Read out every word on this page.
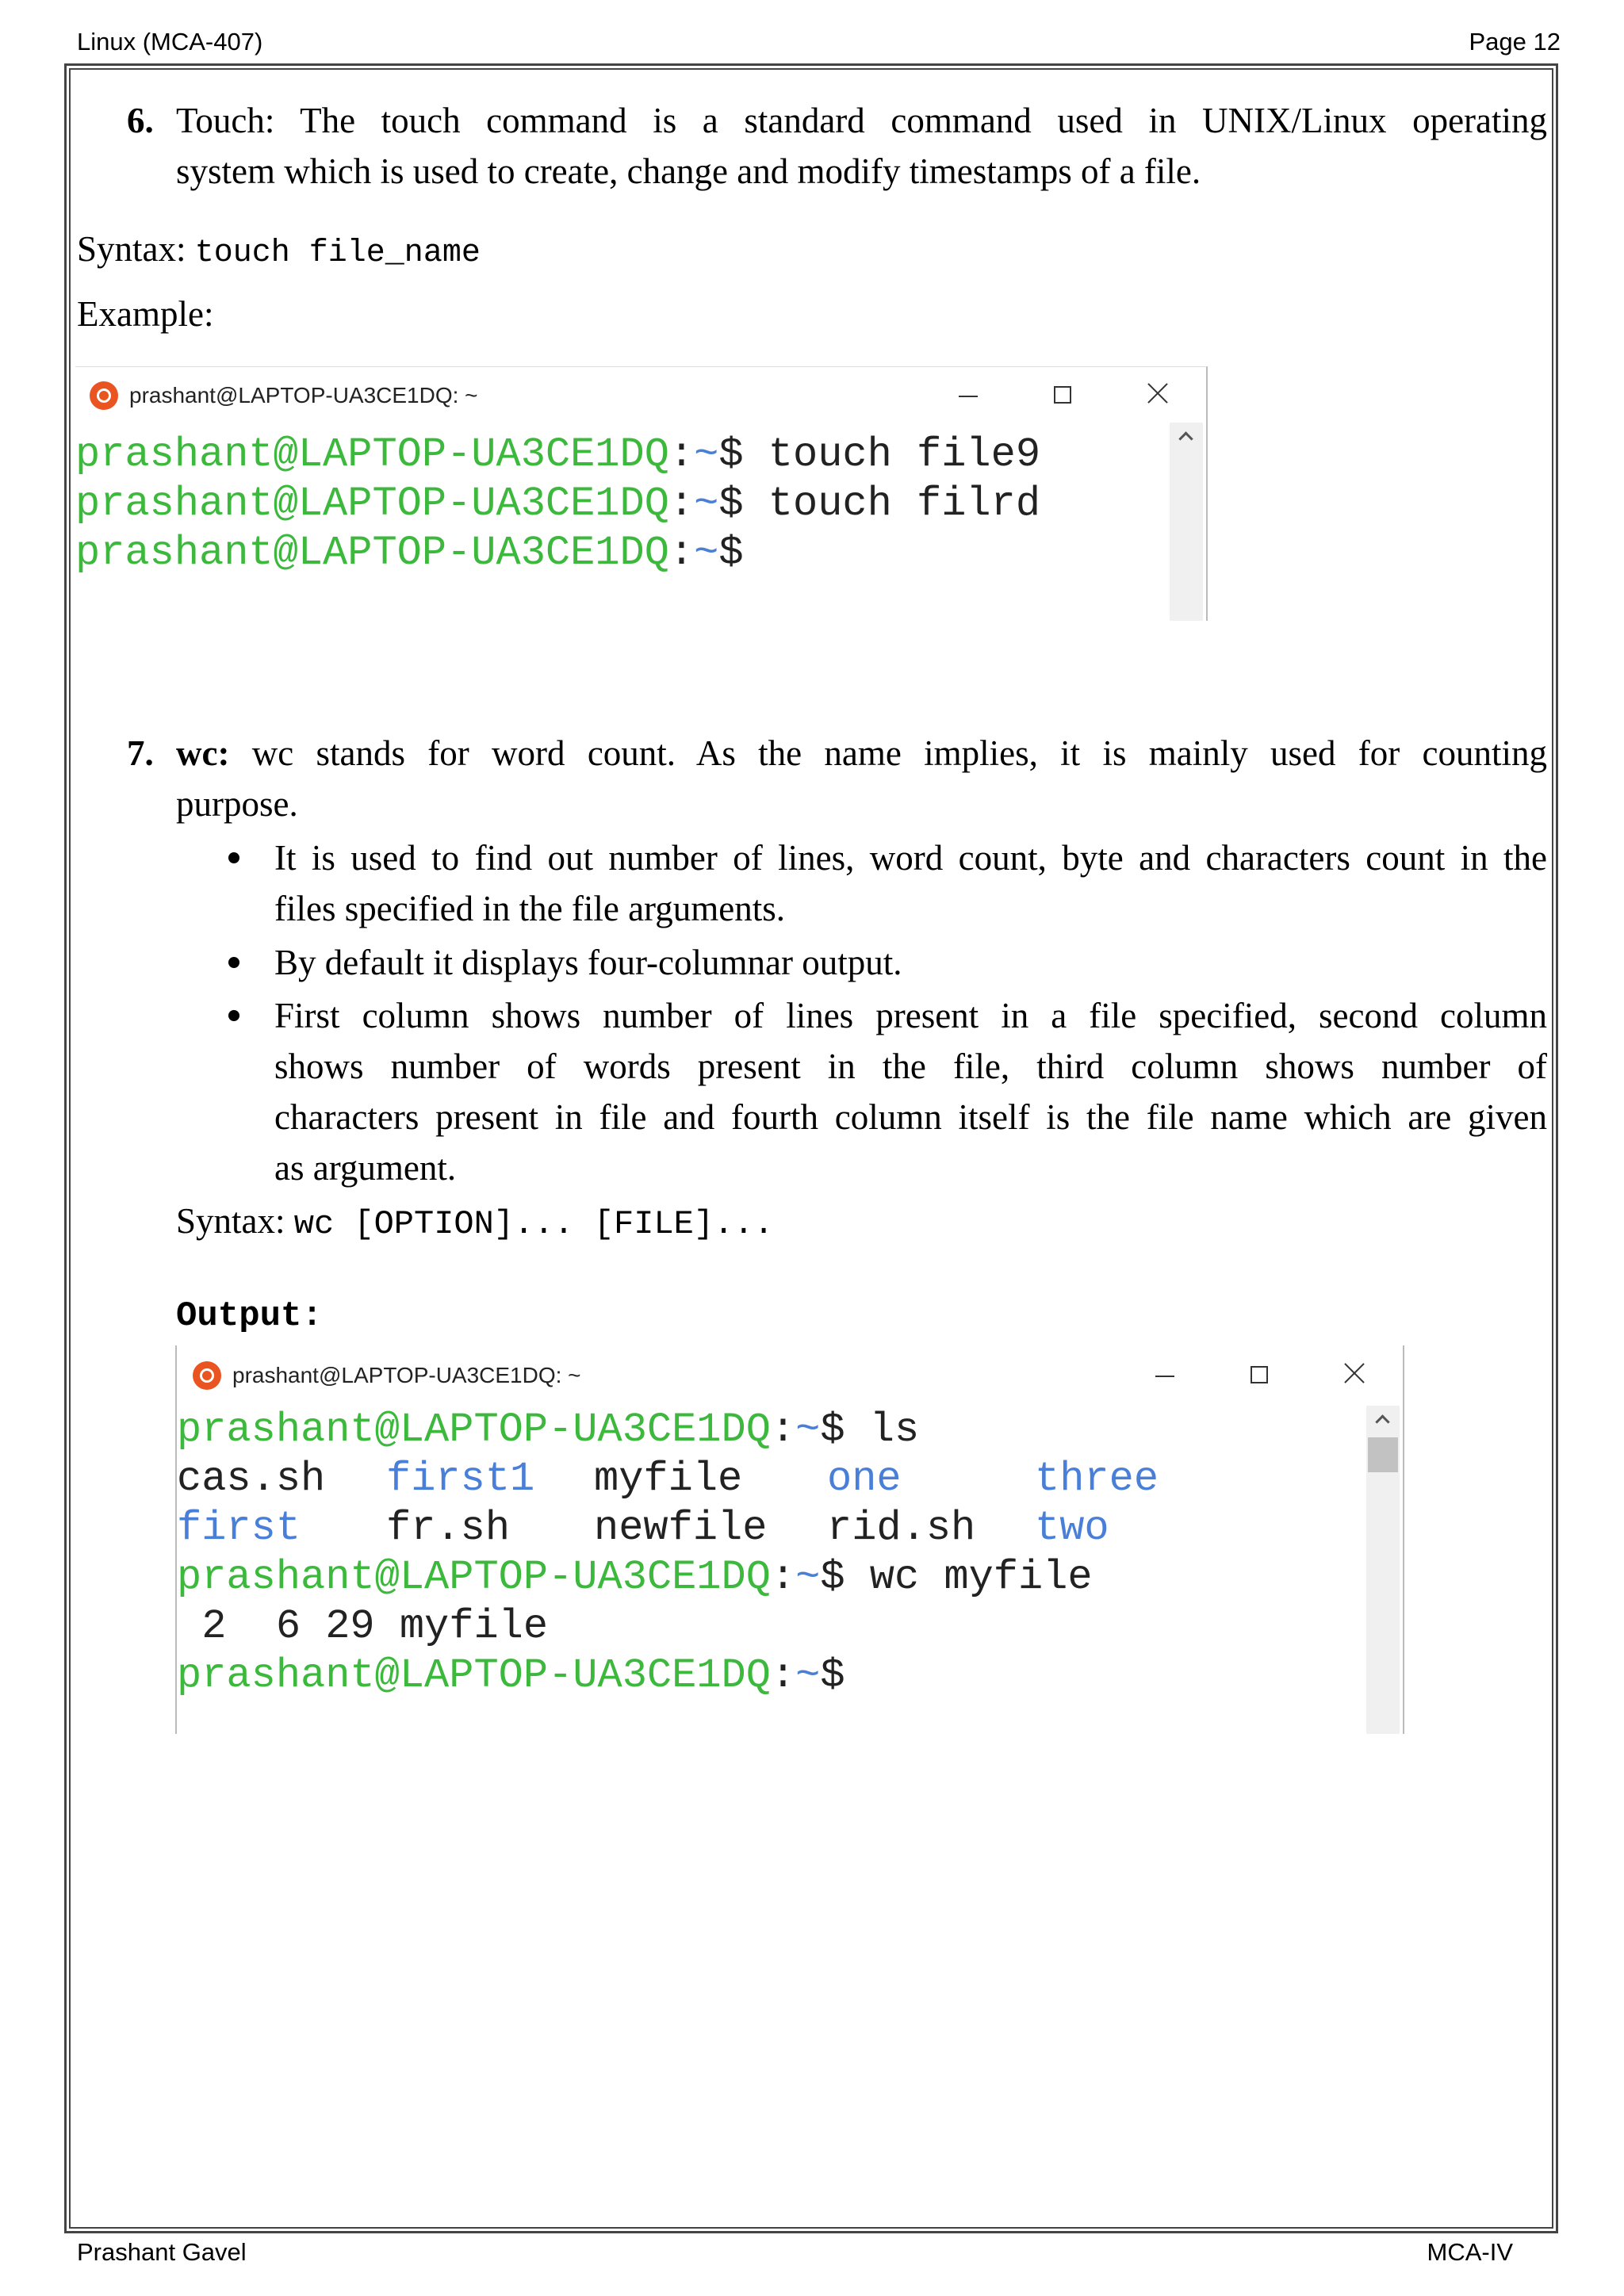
Linux (MCA-407)	Page 12
Prashant Gavel	MCA-IV
6. Touch: The touch command is a standard command used in UNIX/Linux operating
system which is used to create, change and modify timestamps of a file.
Syntax: touch file_name
Example:
prashant@LAPTOP-UA3CE1DQ: ~
prashant@LAPTOP-UA3CE1DQ:~$ touch file9
prashant@LAPTOP-UA3CE1DQ:~$ touch filrd
prashant@LAPTOP-UA3CE1DQ:~$
7. wc: wc stands for word count. As the name implies, it is mainly used for counting
purpose.
It is used to find out number of lines, word count, byte and characters count in the
files specified in the file arguments.
By default it displays four-columnar output.
First column shows number of lines present in a file specified, second column
shows number of words present in the file, third column shows number of
characters present in file and fourth column itself is the file name which are given
as argument.
Syntax: wc [OPTION]... [FILE]...
Output:
prashant@LAPTOP-UA3CE1DQ: ~
prashant@LAPTOP-UA3CE1DQ:~$ ls
cas.sh first1 myfile one	three
first fr.sh newfile rid.sh two
prashant@LAPTOP-UA3CE1DQ:~$ wc myfile
2  6 29 myfile
prashant@LAPTOP-UA3CE1DQ:~$
